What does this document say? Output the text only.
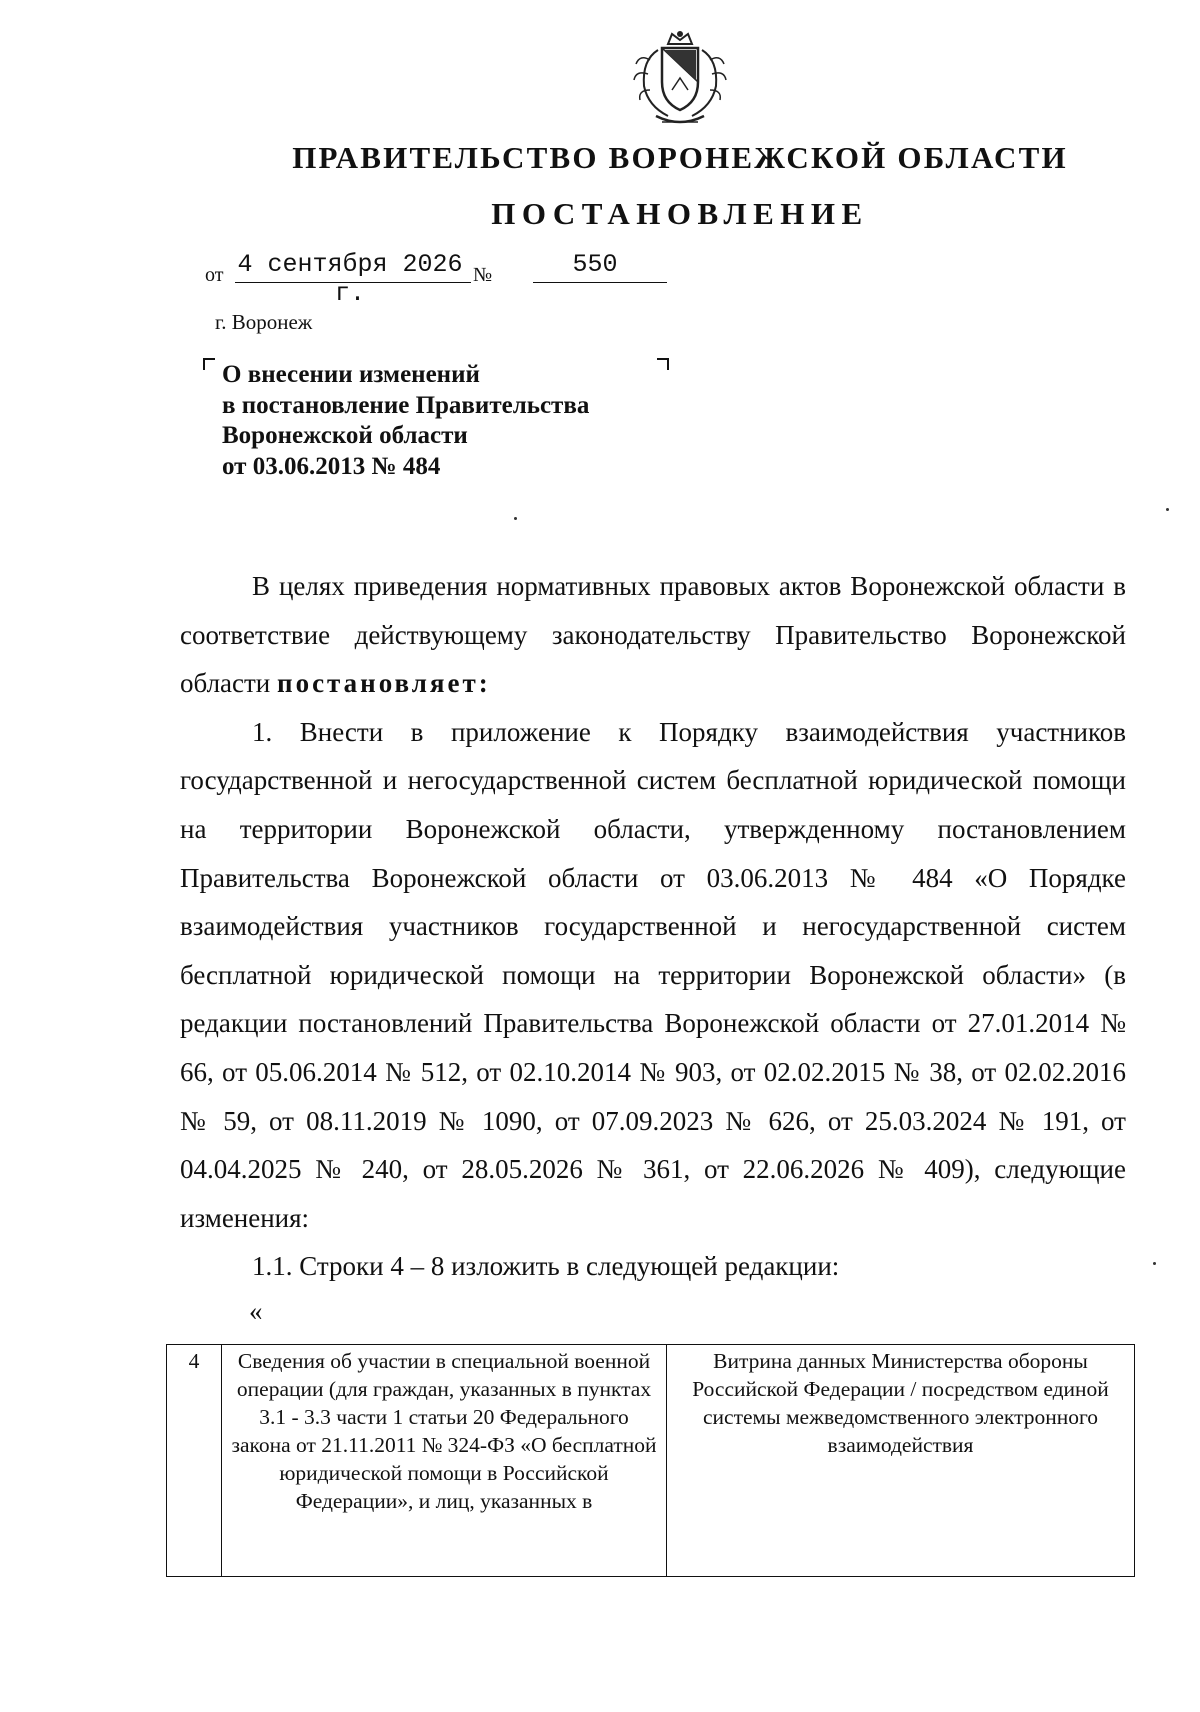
ПРАВИТЕЛЬСТВО ВОРОНЕЖСКОЙ ОБЛАСТИ
ПОСТАНОВЛЕНИЕ
от 4 сентября 2026 г.
№	550
г. Воронеж
О внесении изменений
в постановление Правительства
Воронежской области
от 03.06.2013 № 484

В целях приведения нормативных правовых актов Воронежской области в соответствие действующему законодательству Правительство Воронежской области постановляет:

1. Внести в приложение к Порядку взаимодействия участников государственной и негосударственной систем бесплатной юридической помощи на территории Воронежской области, утвержденному постановлением Правительства Воронежской области от 03.06.2013 № 484 «О Порядке взаимодействия участников государственной и негосударственной систем бесплатной юридической помощи на территории Воронежской области» (в редакции постановлений Правительства Воронежской области от 27.01.2014 № 66, от 05.06.2014 № 512, от 02.10.2014 № 903, от 02.02.2015 № 38, от 02.02.2016 № 59, от 08.11.2019 № 1090, от 07.09.2023 № 626, от 25.03.2024 № 191, от 04.04.2025 № 240, от 28.05.2026 № 361, от 22.06.2026 № 409), следующие изменения:

1.1. Строки 4 – 8 изложить в следующей редакции:

«
4	Сведения об участии в специальной военной операции (для граждан, указанных в пунктах 3.1 - 3.3 части 1 статьи 20 Федерального закона от 21.11.2011 № 324-ФЗ «О бесплатной юридической помощи в Российской Федерации», и лиц, указанных в	Витрина данных Министерства обороны Российской Федерации / посредством единой системы межведомственного электронного взаимодействия
